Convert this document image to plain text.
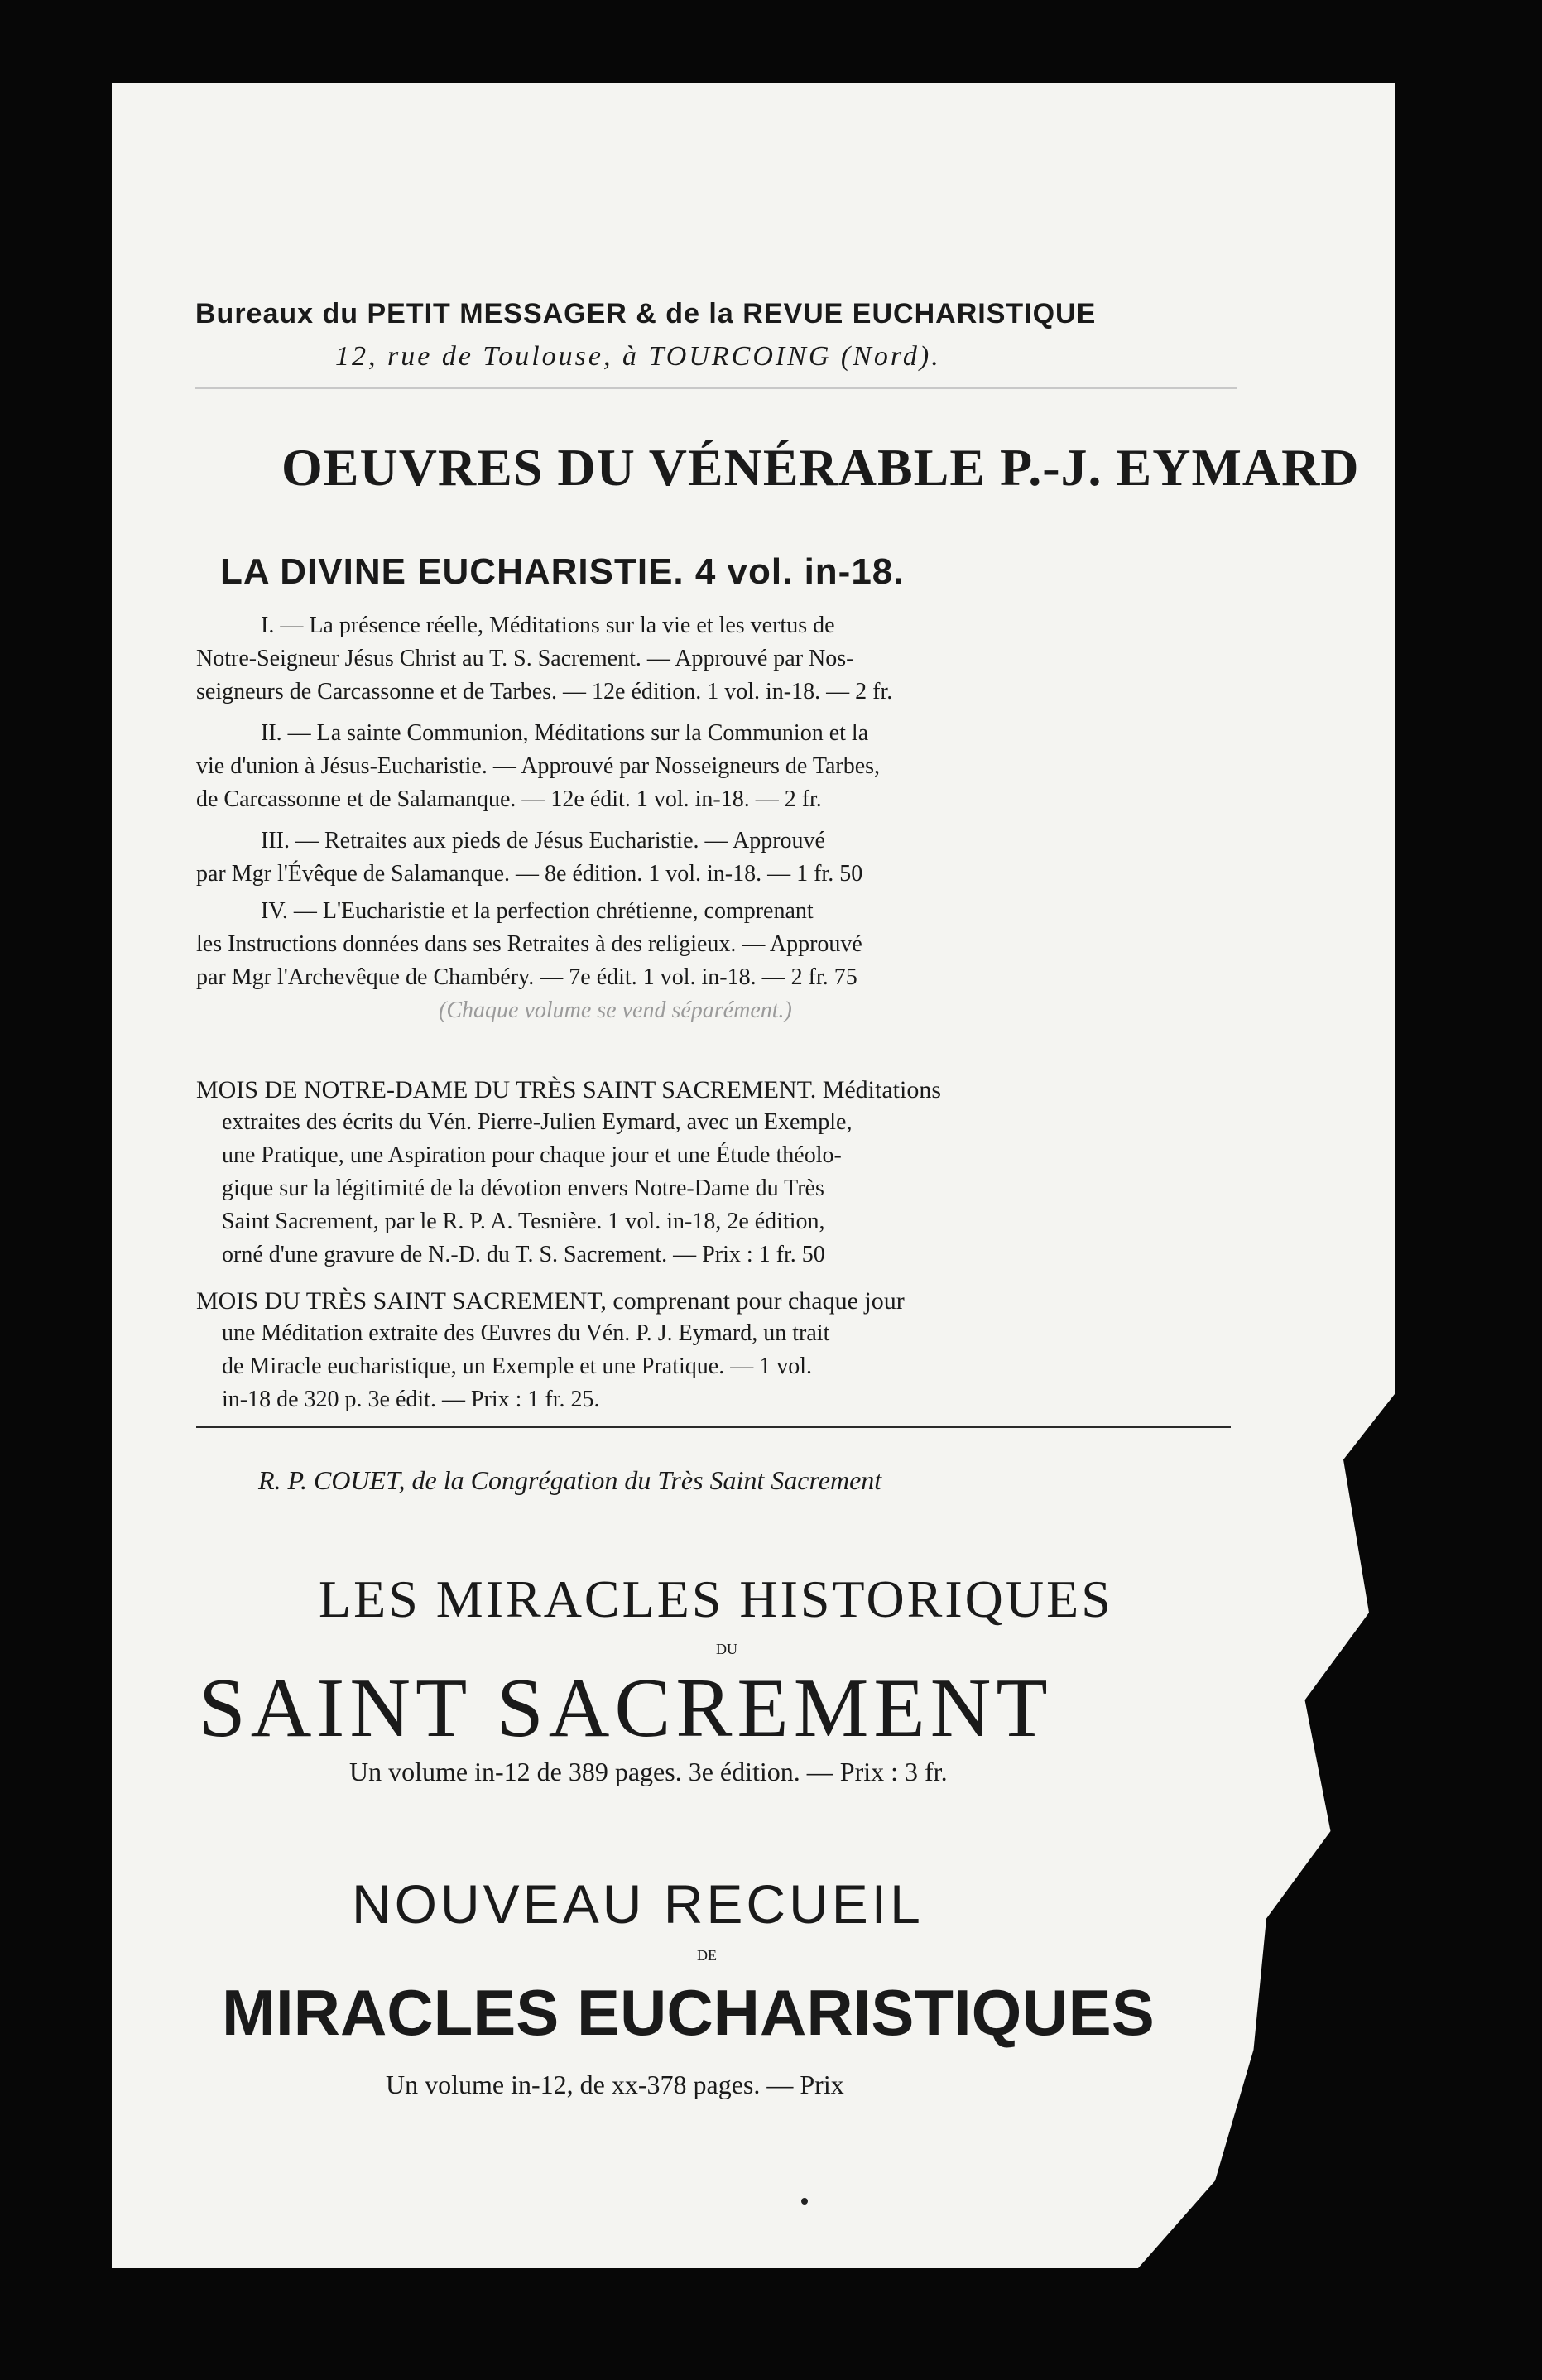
Bureaux du PETIT MESSAGER & de la REVUE EUCHARISTIQUE
12, rue de Toulouse, à TOURCOING (Nord).
OEUVRES DU VÉNÉRABLE P.-J. EYMARD
LA DIVINE EUCHARISTIE. 4 vol. in-18.
I. — La présence réelle, Méditations sur la vie et les vertus de
Notre-Seigneur Jésus Christ au T. S. Sacrement. — Approuvé par Nos-
seigneurs de Carcassonne et de Tarbes. — 12e édition. 1 vol. in-18. — 2 fr.
II. — La sainte Communion, Méditations sur la Communion et la
vie d'union à Jésus-Eucharistie. — Approuvé par Nosseigneurs de Tarbes,
de Carcassonne et de Salamanque. — 12e édit. 1 vol. in-18. — 2 fr.
III. — Retraites aux pieds de Jésus Eucharistie. — Approuvé
par Mgr l'Évêque de Salamanque. — 8e édition. 1 vol. in-18. — 1 fr. 50
IV. — L'Eucharistie et la perfection chrétienne, comprenant
les Instructions données dans ses Retraites à des religieux. — Approuvé
par Mgr l'Archevêque de Chambéry. — 7e édit. 1 vol. in-18. — 2 fr. 75
(Chaque volume se vend séparément.)
MOIS DE NOTRE-DAME DU TRÈS SAINT SACREMENT. Méditations
extraites des écrits du Vén. Pierre-Julien Eymard, avec un Exemple,
une Pratique, une Aspiration pour chaque jour et une Étude théolo-
gique sur la légitimité de la dévotion envers Notre-Dame du Très
Saint Sacrement, par le R. P. A. Tesnière. 1 vol. in-18, 2e édition,
orné d'une gravure de N.-D. du T. S. Sacrement. — Prix : 1 fr. 50
MOIS DU TRÈS SAINT SACREMENT, comprenant pour chaque jour
une Méditation extraite des Œuvres du Vén. P. J. Eymard, un trait
de Miracle eucharistique, un Exemple et une Pratique. — 1 vol.
in-18 de 320 p. 3e édit. — Prix : 1 fr. 25.
R. P. COUET, de la Congrégation du Très Saint Sacrement
LES MIRACLES HISTORIQUES
DU
SAINT SACREMENT
Un volume in-12 de 389 pages. 3e édition. — Prix : 3 fr.
NOUVEAU RECUEIL
DE
MIRACLES EUCHARISTIQUES
Un volume in-12, de xx-378 pages. — Prix
